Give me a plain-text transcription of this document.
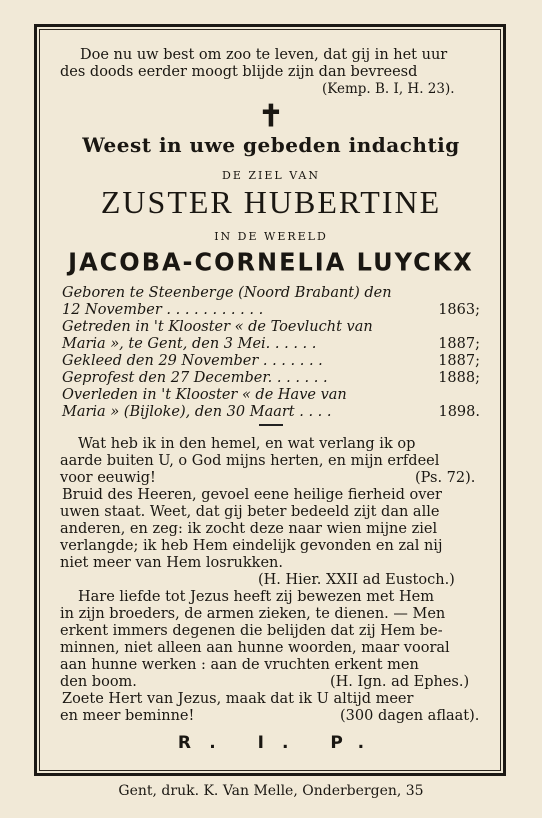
Doe nu uw best om zoo te leven, dat gij in het uur
des doods eerder moogt blijde zijn dan bevreesd
(Kemp. B. I, H. 23).
✝
Weest in uwe gebeden indachtig
DE ZIEL VAN
ZUSTER HUBERTINE
IN DE WERELD
JACOBA-CORNELIA LUYCKX
Geboren te Steenberge (Noord Brabant) den
12 November . . . . . . . . . . .	1863;
Getreden in 't Klooster « de Toevlucht van
Maria », te Gent, den 3 Mei. . . . . .	1887;
Gekleed den 29 November . . . . . . .	1887;
Geprofest den 27 December. . . . . . .	1888;
Overleden in 't Klooster « de Have van
Maria » (Bijloke), den 30 Maart . . . .	1898.
Wat heb ik in den hemel, en wat verlang ik op
aarde buiten U, o God mijns herten, en mijn erfdeel
voor eeuwig!	(Ps. 72).
Bruid des Heeren, gevoel eene heilige fierheid over
uwen staat. Weet, dat gij beter bedeeld zijt dan alle
anderen, en zeg: ik zocht deze naar wien mijne ziel
verlangde; ik heb Hem eindelijk gevonden en zal nij
niet meer van Hem losrukken.
(H. Hier. XXII ad Eustoch.)
Hare liefde tot Jezus heeft zij bewezen met Hem
in zijn broeders, de armen zieken, te dienen. — Men
erkent immers degenen die belijden dat zij Hem be-
minnen, niet alleen aan hunne woorden, maar vooral
aan hunne werken : aan de vruchten erkent men
den boom.	(H. Ign. ad Ephes.)
Zoete Hert van Jezus, maak dat ik U altijd meer
en meer beminne!	(300 dagen aflaat).
R. I. P.
Gent, druk. K. Van Melle, Onderbergen, 35
